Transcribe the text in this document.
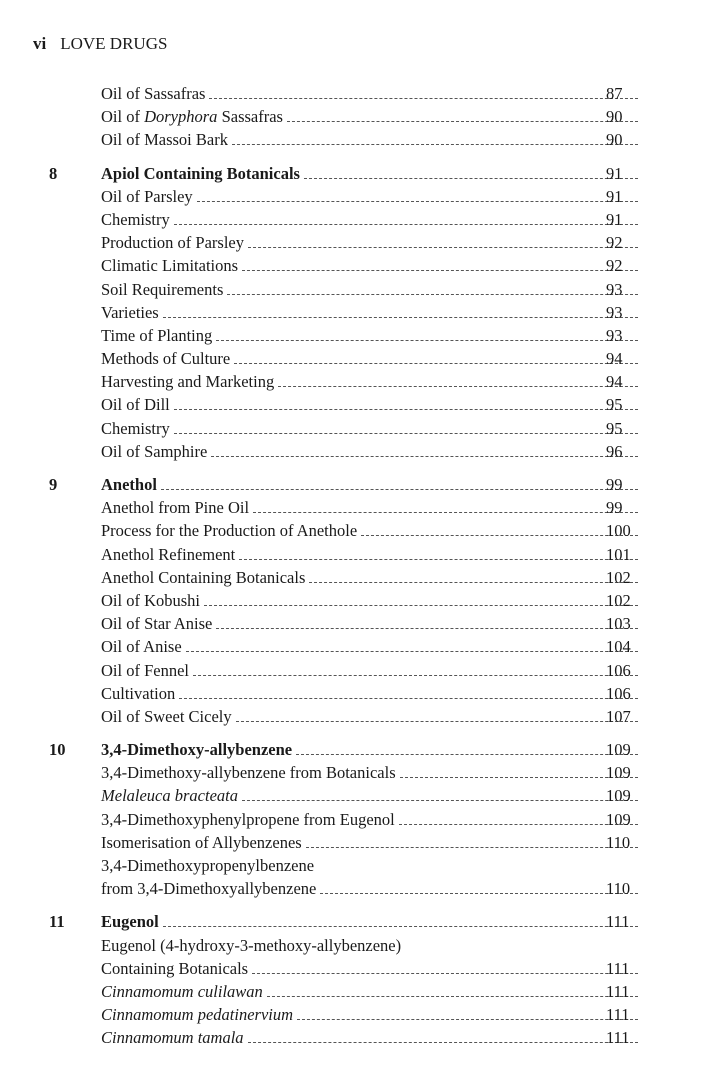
vi LOVE DRUGS
Oil of Sassafras	87
Oil of Doryphora Sassafras	90
Oil of Massoi Bark	90
8	Apiol Containing Botanicals	91
Oil of Parsley	91
Chemistry	91
Production of Parsley	92
Climatic Limitations	92
Soil Requirements	93
Varieties	93
Time of Planting	93
Methods of Culture	94
Harvesting and Marketing	94
Oil of Dill	95
Chemistry	95
Oil of Samphire	96
9	Anethol	99
Anethol from Pine Oil	99
Process for the Production of Anethole	100
Anethol Refinement	101
Anethol Containing Botanicals	102
Oil of Kobushi	102
Oil of Star Anise	103
Oil of Anise	104
Oil of Fennel	106
Cultivation	106
Oil of Sweet Cicely	107
10 3,4-Dimethoxy-allybenzene	109
3,4-Dimethoxy-allybenzene from Botanicals	109
Melaleuca bracteata	109
3,4-Dimethoxyphenylpropene from Eugenol	109
Isomerisation of Allybenzenes	110
3,4-Dimethoxypropenylbenzene
from 3,4-Dimethoxyallybenzene	110
11 Eugenol	111
Eugenol (4-hydroxy-3-methoxy-allybenzene)
Containing Botanicals	111
Cinnamomum culilawan	111
Cinnamomum pedatinervium	111
Cinnamomum tamala	111
